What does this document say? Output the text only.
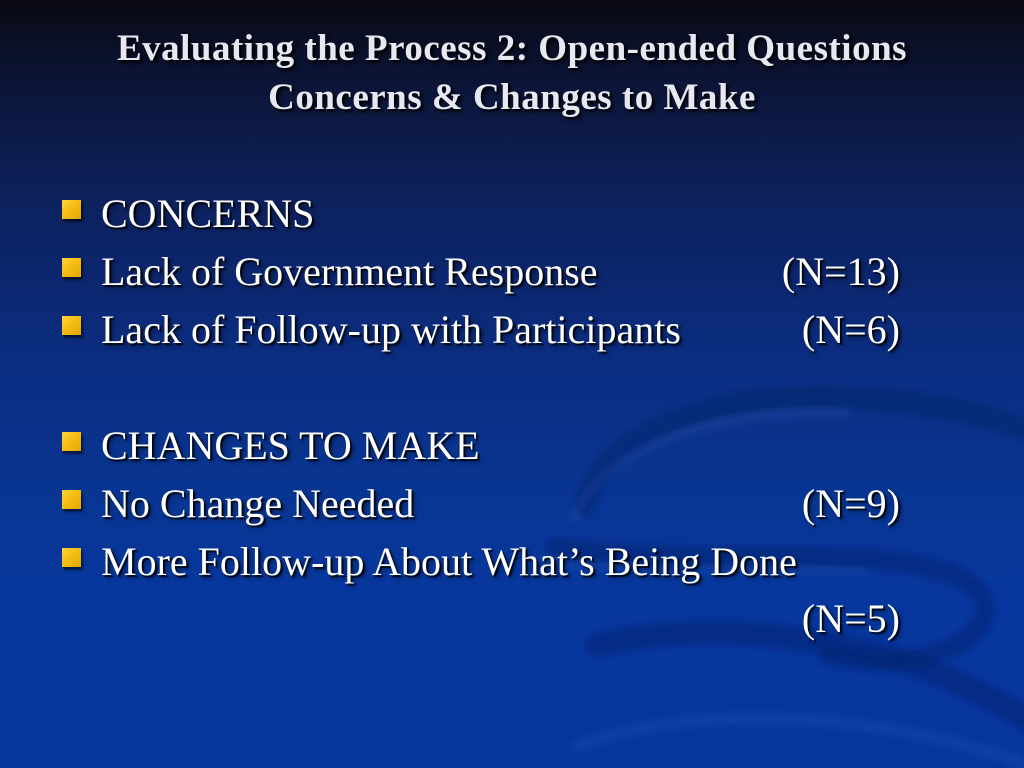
Evaluating the Process 2: Open-ended Questions
Concerns & Changes to Make
CONCERNS
Lack of Government Response	(N=13)
Lack of Follow-up with Participants	(N=6)
CHANGES TO MAKE
No Change Needed	(N=9)
More Follow-up About What’s Being Done
(N=5)
